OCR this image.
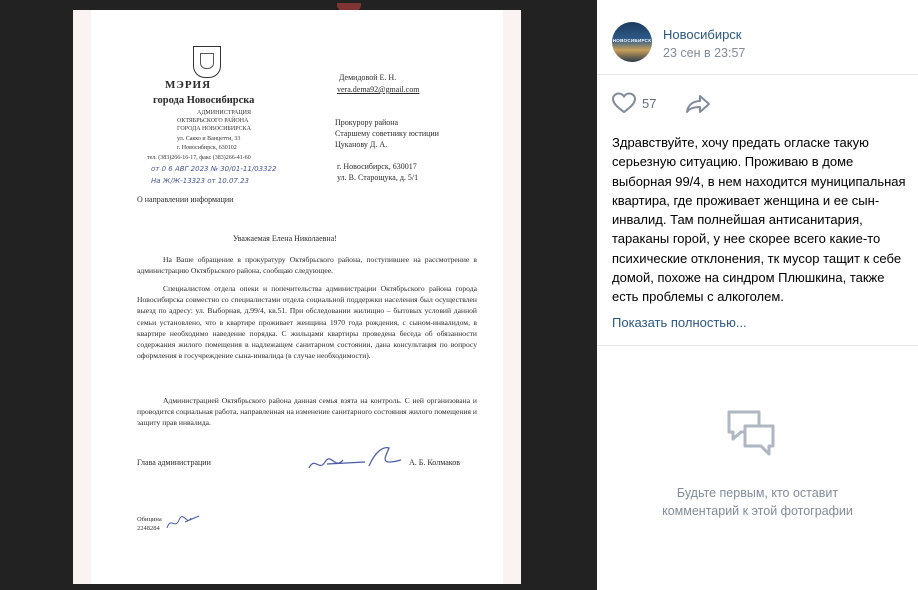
МЭРИЯ
города Новосибирска
АДМИНИСТРАЦИЯ
ОКТЯБРЬСКОГО РАЙОНА
ГОРОДА НОВОСИБИРСКА
ул. Сакко и Ванцетти, 33
г. Новосибирск, 630102
тел. (383)266-16-17, факс (383)266-41-60
от 0 6 АВГ 2023 № 30/01-11/03322
На Ж/Ж-13323 от 10.07.23
О направлении информации
Демидовой Е. Н.
vera.dema92@gmail.com
Прокурору района
Старшему советнику юстиции
Цуканову Д. А.
г. Новосибирск, 630017
ул. В. Старощука, д. 5/1
Уважаемая Елена Николаевна!
На Ваше обращение в прокуратуру Октябрьского района, поступившее на рассмотрение в администрацию Октябрьского района, сообщаю следующее.
Специалистом отдела опеки и попечительства администрации Октябрьского района города Новосибирска совместно со специалистами отдела социальной поддержки населения был осуществлен выезд по адресу: ул. Выборная, д.99/4, кв.51. При обследовании жилищно – бытовых условий данной семьи установлено, что в квартире проживает женщина 1970 года рождения, с сыном-инвалидом, в квартире необходимо наведение порядка. С жильцами квартиры проведена беседа об обязанности содержания жилого помещения в надлежащем санитарном состоянии, дана консультация по вопросу оформления в госучреждение сына-инвалида (в случае необходимости).
Администрацией Октябрьского района данная семья взята на контроль. С ней организована и проводится социальная работа, направленная на изменение санитарного состояния жилого помещения и защиту прав инвалида.
Глава администрации	А. Б. Колмаков
Обицина
2248284
НОВОСИБИРСК Новосибирск
23 сен в 23:57
57
Здравствуйте, хочу предать огласке такую серьезную ситуацию. Проживаю в доме выборная 99/4, в нем находится муниципальная квартира, где проживает женщина и ее сын-инвалид. Там полнейшая антисанитария, тараканы горой, у нее скорее всего какие-то психические отклонения, тк мусор тащит к себе домой, похоже на синдром Плюшкина, также есть проблемы с алкоголем.
Показать полностью...
Будьте первым, кто оставит комментарий к этой фотографии
